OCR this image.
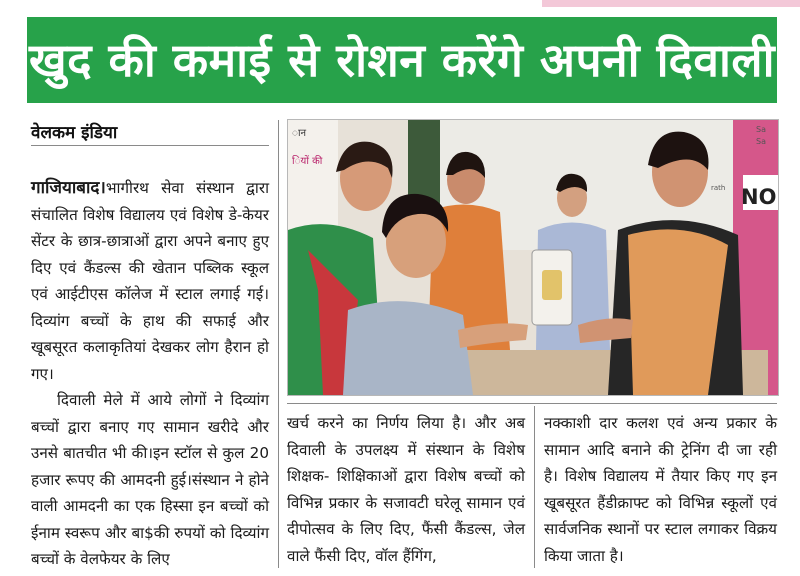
खुद की कमाई से रोशन करेंगे अपनी दिवाली
वेलकम इंडिया

गाजियाबाद।भागीरथ सेवा संस्थान द्वारा संचालित विशेष विद्यालय एवं विशेष डे-केयर सेंटर के छात्र-छात्राओं द्वारा अपने बनाए हुए दिए एवं कैंडल्स की खेतान पब्लिक स्कूल एवं आईटीएस कॉलेज में स्टाल लगाई गई।दिव्यांग बच्चों के हाथ की सफाई और खूबसूरत कलाकृतियां देखकर लोग हैरान हो गए।

दिवाली मेले में आये लोगों ने दिव्यांग बच्चों द्वारा बनाए गए सामान खरीदे और उनसे बातचीत भी की।इन स्टॉल से कुल 20 हजार रूपए की आमदनी हुई।संस्थान ने होने वाली आमदनी का एक हिस्सा इन बच्चों को ईनाम स्वरूप और बा$की रुपयों को दिव्यांग बच्चों के वेलफेयर के लिए

ान
ियों की
NO
Sa
Sa
rath

खर्च करने का निर्णय लिया है। और अब दिवाली के उपलक्ष्य में संस्थान के विशेष शिक्षक- शिक्षिकाओं द्वारा विशेष बच्चों को विभिन्न प्रकार के सजावटी घरेलू सामान एवं दीपोत्सव के लिए दिए, फैंसी कैंडल्स, जेल वाले फैंसी दिए, वॉल हैंगिंग,

नक्काशी दार कलश एवं अन्य प्रकार के सामान आदि बनाने की ट्रेनिंग दी जा रही है। विशेष विद्यालय में तैयार किए गए इन खूबसूरत हैंडीक्राफ्ट को विभिन्न स्कूलों एवं सार्वजनिक स्थानों पर स्टाल लगाकर विक्रय किया जाता है।
